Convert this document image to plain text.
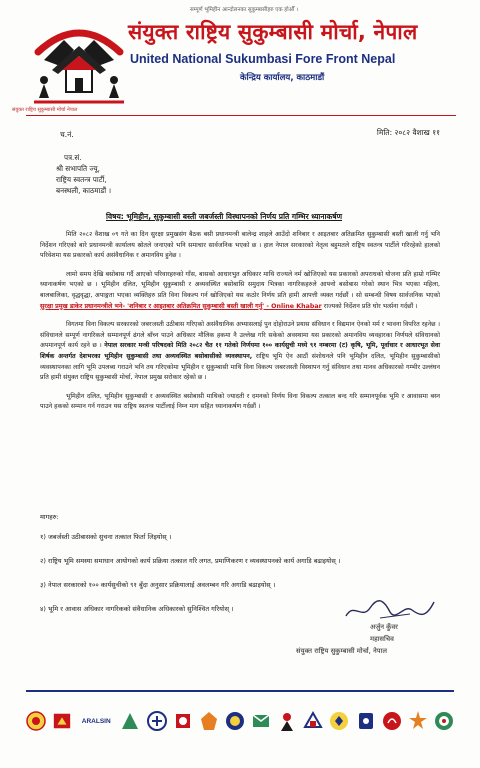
सम्पूर्ण भूमिहीन आन्दोलनका सुकुम्बासीहरु एक होऔँ ।
संयुक्त राष्ट्रिय सुकुम्बासी मोर्चा नेपाल
संयुक्त राष्ट्रिय सुकुम्बासी मोर्चा, नेपाल
United National Sukumbasi Fore Front Nepal
केन्द्रिय कार्यालय, काठमाडौं
च.नं.	मिति: २०८२ वैशाख ११
पत्र.सं.
श्री सभापति ज्यू,
राष्ट्रिय स्वतन्त्र पार्टी,
बनस्थली, काठमाडौं ।
विषय: भूमिहीन, सुकुम्बासी बस्ती जबर्जस्ती विस्थापनको निर्णय प्रति गम्भिर ध्यानाकर्षण

मिति २०८२ वैशाख ०९ गते का दिन सुरक्षा प्रमुखसंग बैठक बसी प्रधानमन्त्री बालेन्द्र शाहले आउँदो शनिबार र आइतबार अतिक्रमित सुकुम्बासी बस्ती खाली गर्नु भनि निर्देशन गरिएको बारे प्रधानमन्त्री कार्यालय स्रोतले जनाएको भनि समाचार सार्वजनिक भएको छ । हाल नेपाल सरकारको नेतृत्व बहुमतले राष्ट्रिय स्वतन्त्र पार्टीले गरिरहेको हालको परिवेशमा यस प्रकारको कार्य असंवैधानिक र अमानविय हुनेछ ।

लामो समय देखि बसोबास गर्दै आएको परिवारहरुको गाँस, बासको आधारभुत अधिकार माथि राज्यले नर्म खोजिएको यस प्रकारको अपराधको योजना प्रति हाम्रो गम्भिर ध्यानाकर्षण भएको छ । भूमिहीन दलित, भूमिहीन सुकुम्बासी र अव्यवस्थित बसोबासि समुदाय भित्रका नागरिकहरुले आफ्नो बसोबास गरेको स्थान भित्र भएका महिला, बालबालिका, वृद्धवृद्धा, अपाङ्गता भएका व्यक्तिहरु प्रति विना विकल्प गर्न खोजिएको यस कठोर निर्णय प्रति हामी आपत्ती व्यक्त गर्दछौं । सो सम्बन्धी विषय सार्वजनिक भएको सुरक्षा प्रमुख डाकेर प्रधानमन्त्रीले भने- 'शनिबार र आइतबार अतिक्रमित सुकुम्बासी बस्ती खाली गर्नु' - Online Khabar राज्यको निर्देशन प्रति घोर भर्त्सना गर्दछौं ।

विगतमा विना विकल्प सरकारको जबरजस्ती उठीबास गरिएको असंवैधानिक अभ्यासलाई पुन दोहोराउने प्रयास संविधान र विद्यमान ऐनको मर्म र भावना विपरित रहनेछ । संविधानले सम्पूर्ण नागरिकले सम्मानपूर्ण ढंगले बाँच्न पाउने अधिकार मौलिक हकमा नै उल्लेख गरि सकेको अवस्थामा यस प्रकारको अमानविय व्यवहारका निर्णयले संविधानको अपमानपूर्ण कार्य रहने छ । नेपाल सरकार मन्त्री परिषदको मिति २०८२ चैत ११ गतेको निर्णयमा १०० कार्यसुची मध्ये ९१ नम्बरमा (ट) कृषि, भूमि, पूर्वाधार र आधारभूत सेवा शिर्षक अन्तर्गत देशभरका भूमिहीन सुकुम्बासी तथा अव्यवस्थित बसोबासीको व्यवस्थापन, राष्ट्रिय भूमि ऐन आठौं संशोधनले पनि भूमिहीन दलित, भूमिहीन सुकुम्बासीको व्यवस्थापनका लागि भूमि उपलब्ध गराउने भनि तय गरिएकोमा भूमिहीन र सुकुम्बासी माथि विना विकल्प जबरजस्ती विस्थापन गर्नु संविधान तथा मानव अधिकारको गम्भीर उल्लंघन प्रति हामी संयुक्त राष्ट्रिय सुकुम्बासी मोर्चा, नेपाल प्रमुख सरोकार रहेको छ ।

भूमिहीन दलित, भूमिहीन सुकुम्बासी र अव्यवस्थित बसोबासी माथिको ज्यादती र दमनको निर्णय विना विकल्प तत्काल बन्द गरि सम्मानपूर्वक भूमि र आवासमा बस्न पाउने हकको सम्मान गर्न गराउन यस राष्ट्रिय स्वतन्त्र पार्टीलाई निम्न माग सहित ध्यानाकर्षण गर्दछौं ।

मागहरु:
१) जबर्जस्ती उठीबासको सुचना तत्काल फिर्ता लिइयोस् ।
२) राष्ट्रिय भूमि समस्या समाधान आयोगको कार्य प्रक्रिया तत्काल गरि लगत, प्रमाणिकरण र व्यवस्थापनको कार्य अगाडि बढाइयोस् ।
३) नेपाल सरकारको १०० कार्यसुचीको ९१ बुँदा अनुसार प्रक्रियालाई अवलम्बन गरि अगाडि बढाइयोस् ।
४) भूमि र आवास अधिकार नागरिकको संवैधानिक अधिकारको सुनिश्चित गरियोस् ।
अर्जुन कुँवर
महासचिव
संयुक्त राष्ट्रिय सुकुम्बासी मोर्चा, नेपाल
ARALSIN
